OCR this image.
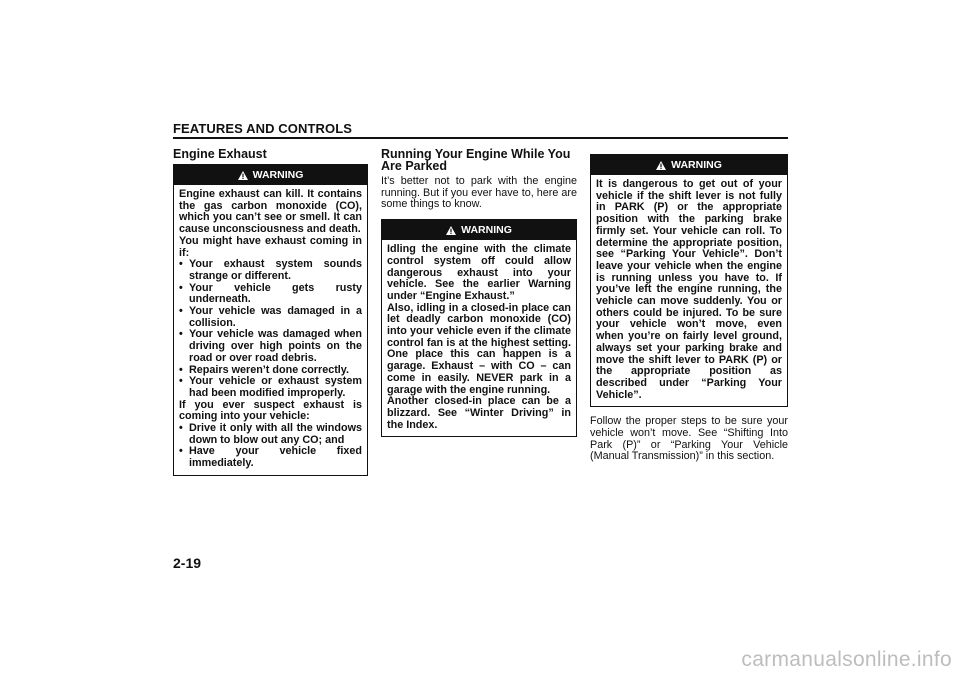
FEATURES AND CONTROLS
Engine Exhaust
WARNING

Engine exhaust can kill. It contains the gas carbon monoxide (CO), which you can’t see or smell. It can cause unconsciousness and death.

You might have exhaust coming in if:

• Your exhaust system sounds strange or different.
• Your vehicle gets rusty underneath.
• Your vehicle was damaged in a collision.
• Your vehicle was damaged when driving over high points on the road or over road debris.
• Repairs weren’t done correctly.
• Your vehicle or exhaust system had been modified improperly.

If you ever suspect exhaust is coming into your vehicle:

• Drive it only with all the windows down to blow out any CO; and
• Have your vehicle fixed immediately.
Running Your Engine While You Are Parked

It’s better not to park with the engine running. But if you ever have to, here are some things to know.

WARNING

Idling the engine with the climate control system off could allow dangerous exhaust into your vehicle. See the earlier Warning under “Engine Exhaust.”

Also, idling in a closed-in place can let deadly carbon monoxide (CO) into your vehicle even if the climate control fan is at the highest setting. One place this can happen is a garage. Exhaust – with CO – can come in easily. NEVER park in a garage with the engine running.

Another closed-in place can be a blizzard. See “Winter Driving” in the Index.

WARNING

It is dangerous to get out of your vehicle if the shift lever is not fully in PARK (P) or the appropriate position with the parking brake firmly set. Your vehicle can roll. To determine the appropriate position, see “Parking Your Vehicle”. Don’t leave your vehicle when the engine is running unless you have to. If you’ve left the engine running, the vehicle can move suddenly. You or others could be injured. To be sure your vehicle won’t move, even when you’re on fairly level ground, always set your parking brake and move the shift lever to PARK (P) or the appropriate position as described under “Parking Your Vehicle”.

Follow the proper steps to be sure your vehicle won’t move. See “Shifting Into Park (P)” or “Parking Your Vehicle (Manual Transmission)” in this section.

2-19
carmanualsonline.info
